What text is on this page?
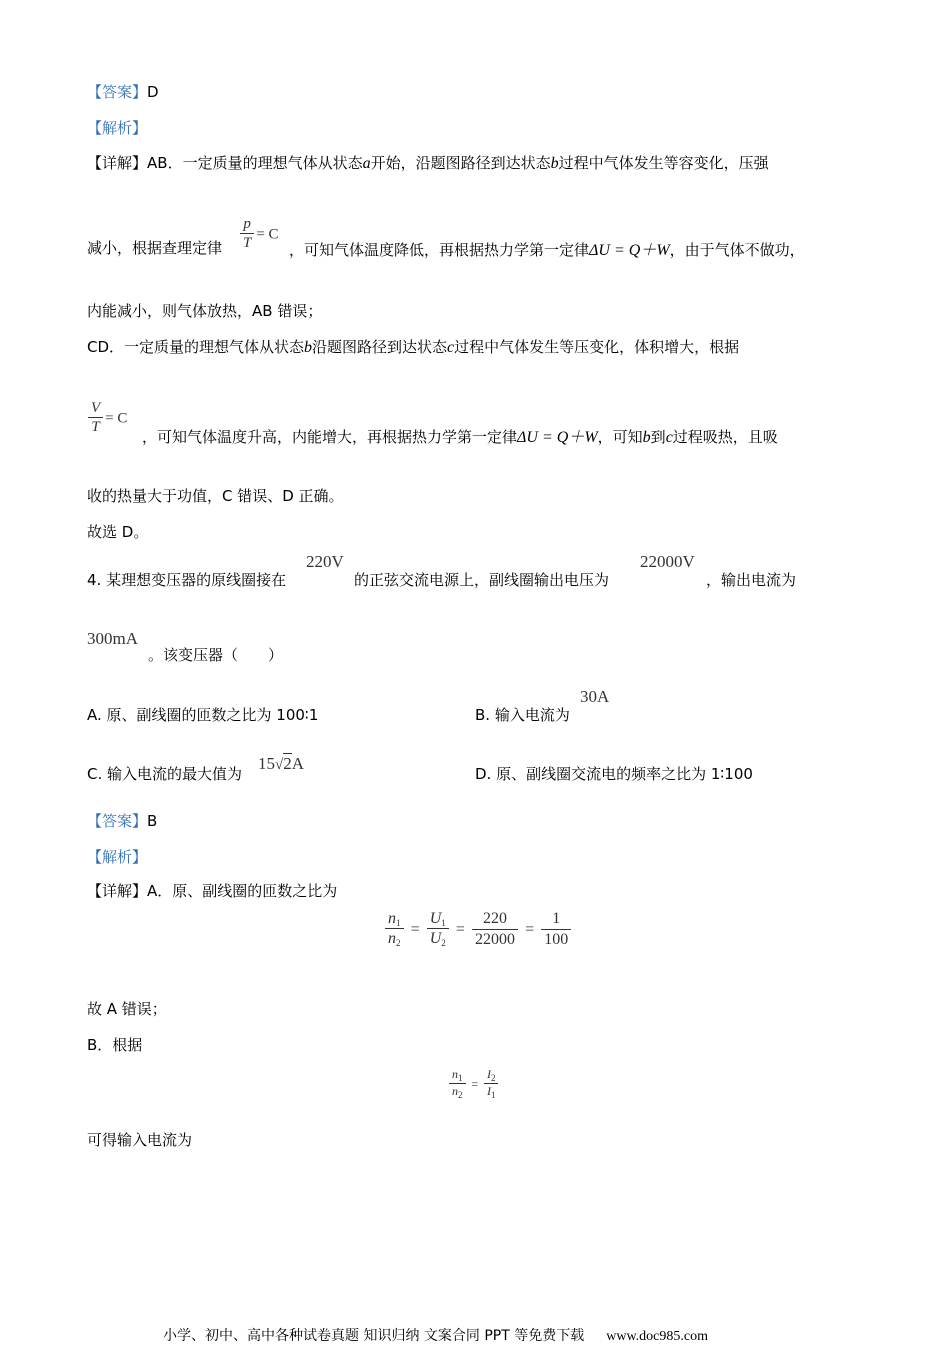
【答案】D
【解析】
【详解】AB．一定质量的理想气体从状态a开始，沿题图路径到达状态b过程中气体发生等容变化，压强
减小，根据查理定律 $\frac{p}{T} = C$
，可知气体温度降低，再根据热力学第一定律ΔU = Q＋W，由于气体不做功，
内能减小，则气体放热，AB 错误；
CD．一定质量的理想气体从状态b沿题图路径到达状态c过程中气体发生等压变化，体积增大，根据
$\frac{V}{T} = C$
，可知气体温度升高，内能增大，再根据热力学第一定律ΔU = Q＋W，可知b到c过程吸热，且吸
收的热量大于功值，C 错误、D 正确。
故选 D。
4. 某理想变压器的原线圈接在
220V
的正弦交流电源上，副线圈输出电压为
22000V
，输出电流为
300mA
。该变压器（　　）
A. 原、副线圈的匝数之比为 100∶1	B. 输入电流为
30A
C. 输入电流的最大值为
15√2A
D. 原、副线圈交流电的频率之比为 1∶100
【答案】B
【解析】
【详解】A．原、副线圈的匝数之比为
$\frac{n_1}{n_2} = \frac{U_1}{U_2} = \frac{220}{22000} = \frac{1}{100}$
故 A 错误；
B．根据
$\frac{n_1}{n_2} = \frac{I_2}{I_1}$
可得输入电流为
小学、初中、高中各种试卷真题 知识归纳 文案合同 PPT 等免费下载 www.doc985.com
